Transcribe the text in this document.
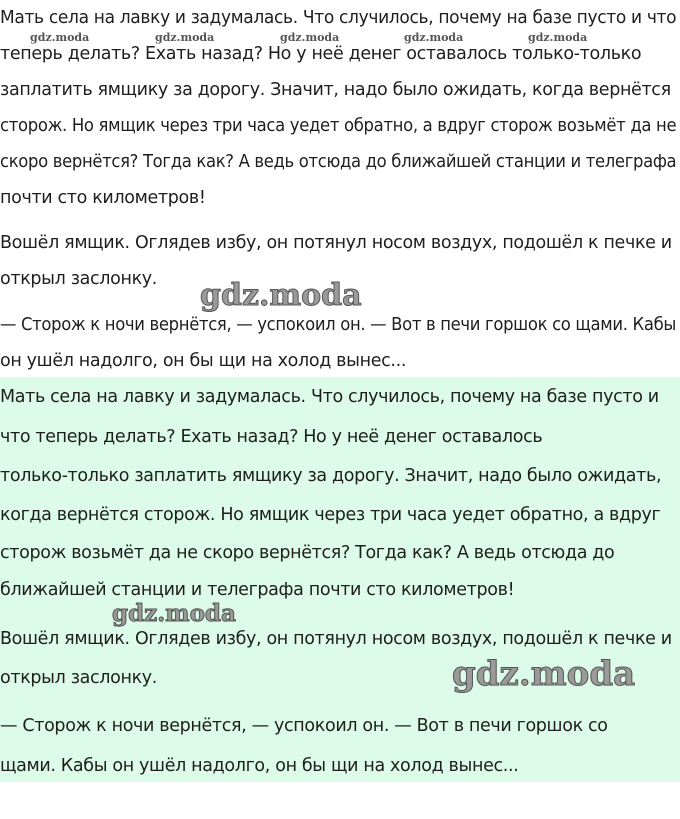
Мать села на лавку и задумалась. Что случилось, почему на базе пусто и что
теперь делать? Ехать назад? Но у неё денег оставалось только-только
заплатить ямщику за дорогу. Значит, надо было ожидать, когда вернётся
сторож. Но ямщик через три часа уедет обратно, а вдруг сторож возьмёт да не
скоро вернётся? Тогда как? А ведь отсюда до ближайшей станции и телеграфа
почти сто километров!
Вошёл ямщик. Оглядев избу, он потянул носом воздух, подошёл к печке и
открыл заслонку.
— Сторож к ночи вернётся, — успокоил он. — Вот в печи горшок со щами. Кабы
он ушёл надолго, он бы щи на холод вынес...
Мать села на лавку и задумалась. Что случилось, почему на базе пусто и
что теперь делать? Ехать назад? Но у неё денег оставалось
только-только заплатить ямщику за дорогу. Значит, надо было ожидать,
когда вернётся сторож. Но ямщик через три часа уедет обратно, а вдруг
сторож возьмёт да не скоро вернётся? Тогда как? А ведь отсюда до
ближайшей станции и телеграфа почти сто километров!
Вошёл ямщик. Оглядев избу, он потянул носом воздух, подошёл к печке и
открыл заслонку.
— Сторож к ночи вернётся, — успокоил он. — Вот в печи горшок со
щами. Кабы он ушёл надолго, он бы щи на холод вынес...
gdz.moda	gdz.moda	gdz.moda	gdz.moda	gdz.moda
gdz.moda
gdz.moda
gdz.moda
